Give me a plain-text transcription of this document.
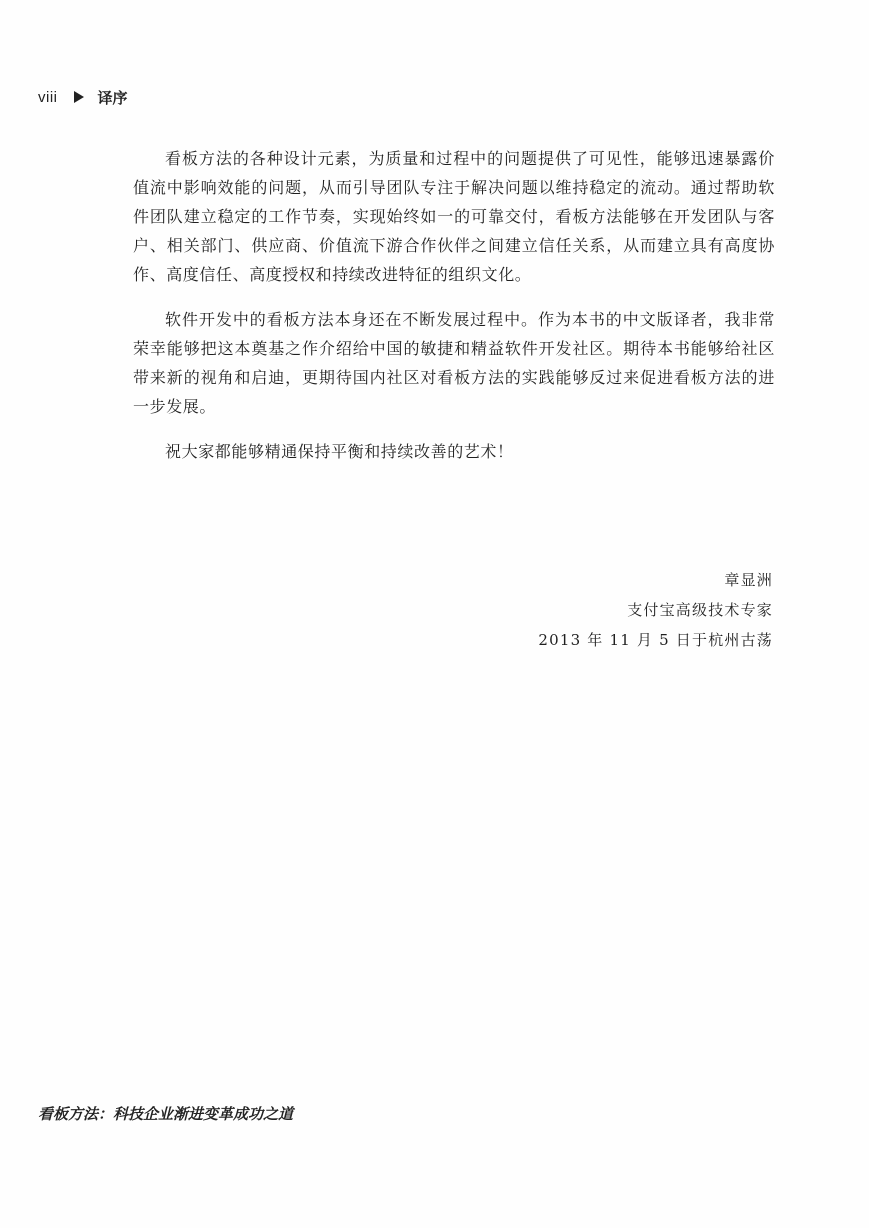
viii	译序

看板方法的各种设计元素，为质量和过程中的问题提供了可见性，能够迅速暴露价值流中影响效能的问题，从而引导团队专注于解决问题以维持稳定的流动。通过帮助软件团队建立稳定的工作节奏，实现始终如一的可靠交付，看板方法能够在开发团队与客户、相关部门、供应商、价值流下游合作伙伴之间建立信任关系，从而建立具有高度协作、高度信任、高度授权和持续改进特征的组织文化。

软件开发中的看板方法本身还在不断发展过程中。作为本书的中文版译者，我非常荣幸能够把这本奠基之作介绍给中国的敏捷和精益软件开发社区。期待本书能够给社区带来新的视角和启迪，更期待国内社区对看板方法的实践能够反过来促进看板方法的进一步发展。

祝大家都能够精通保持平衡和持续改善的艺术！

章显洲
支付宝高级技术专家
2013 年 11 月 5 日于杭州古荡
看板方法：科技企业渐进变革成功之道
